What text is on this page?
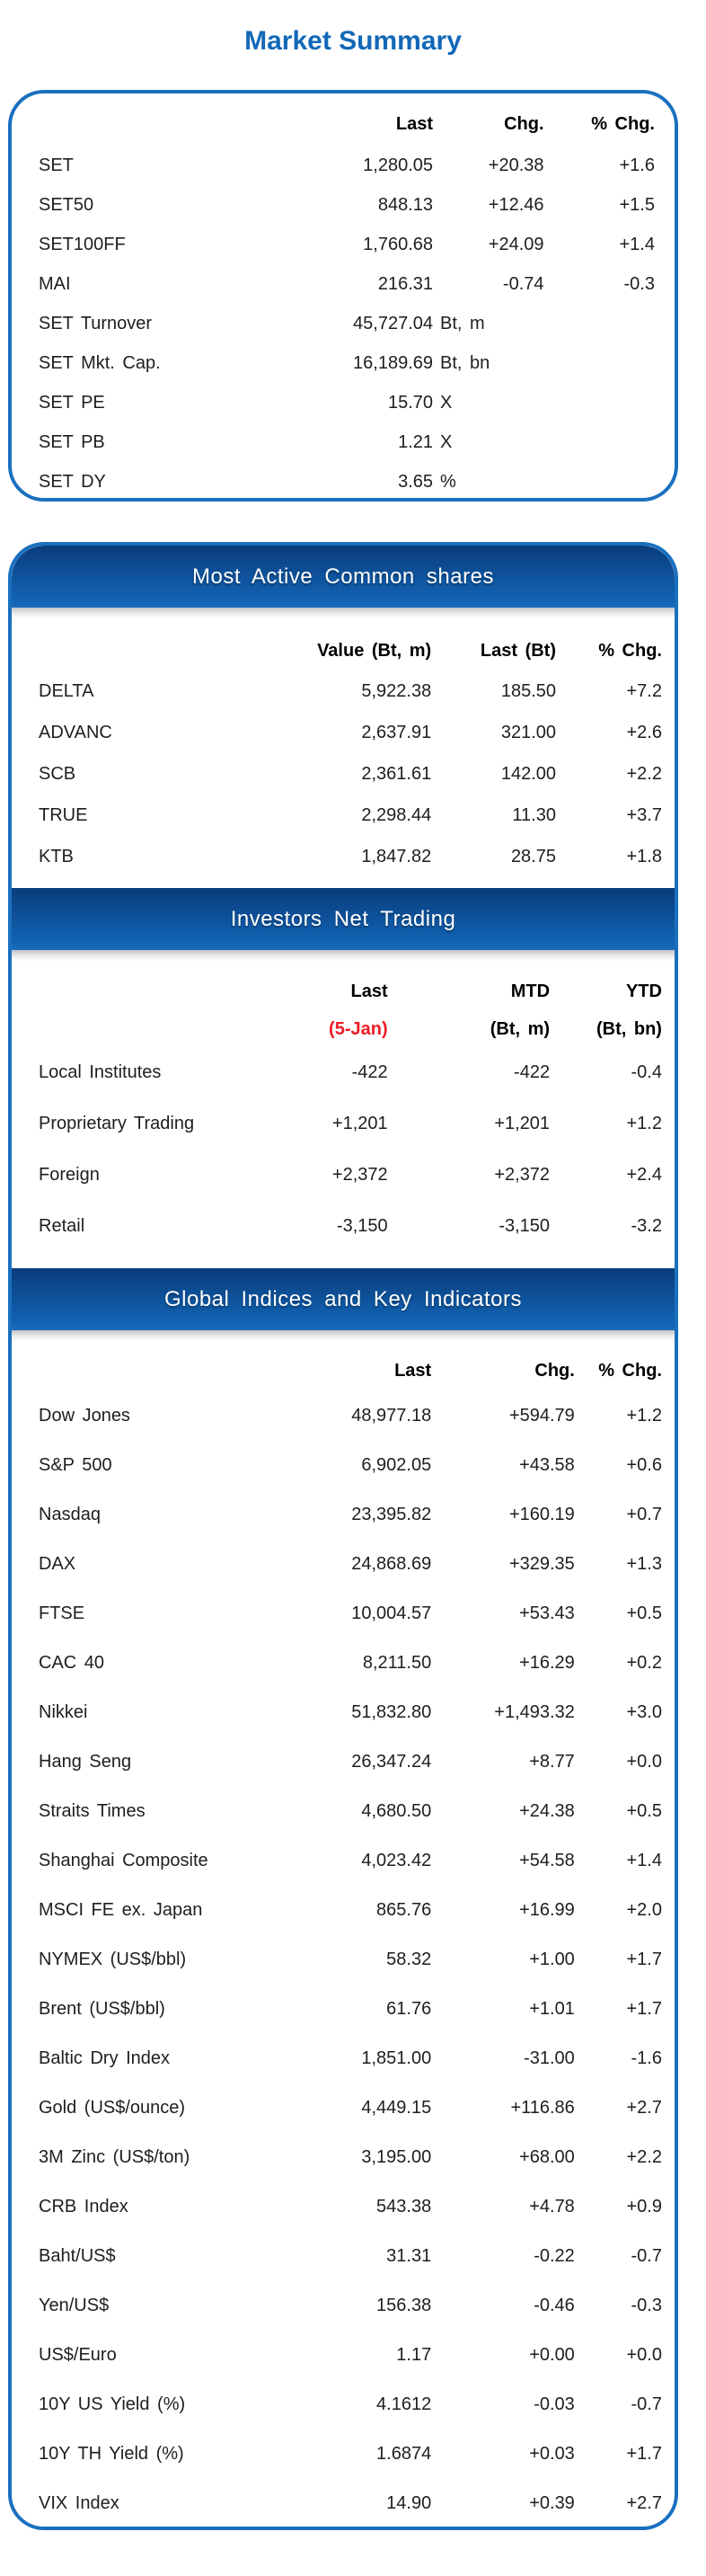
Market Summary
Last	Chg.	% Chg.
SET	1,280.05	+20.38	+1.6
SET50	848.13	+12.46	+1.5
SET100FF	1,760.68	+24.09	+1.4
MAI	216.31	-0.74	-0.3
SET Turnover	45,727.04 Bt, m
SET Mkt. Cap.	16,189.69 Bt, bn
SET PE	15.70 X
SET PB	1.21 X
SET DY	3.65 %
Most Active Common shares
Value (Bt, m)	Last (Bt)	% Chg.
DELTA	5,922.38	185.50	+7.2
ADVANC	2,637.91	321.00	+2.6
SCB	2,361.61	142.00	+2.2
TRUE	2,298.44	11.30	+3.7
KTB	1,847.82	28.75	+1.8
Investors Net Trading
Last	MTD	YTD
(5-Jan)	(Bt, m)	(Bt, bn)
Local Institutes	-422	-422	-0.4
Proprietary Trading	+1,201	+1,201	+1.2
Foreign	+2,372	+2,372	+2.4
Retail	-3,150	-3,150	-3.2
Global Indices and Key Indicators
Last	Chg.	% Chg.
Dow Jones	48,977.18	+594.79	+1.2
S&P 500	6,902.05	+43.58	+0.6
Nasdaq	23,395.82	+160.19	+0.7
DAX	24,868.69	+329.35	+1.3
FTSE	10,004.57	+53.43	+0.5
CAC 40	8,211.50	+16.29	+0.2
Nikkei	51,832.80	+1,493.32	+3.0
Hang Seng	26,347.24	+8.77	+0.0
Straits Times	4,680.50	+24.38	+0.5
Shanghai Composite	4,023.42	+54.58	+1.4
MSCI FE ex. Japan	865.76	+16.99	+2.0
NYMEX (US$/bbl)	58.32	+1.00	+1.7
Brent (US$/bbl)	61.76	+1.01	+1.7
Baltic Dry Index	1,851.00	-31.00	-1.6
Gold (US$/ounce)	4,449.15	+116.86	+2.7
3M Zinc (US$/ton)	3,195.00	+68.00	+2.2
CRB Index	543.38	+4.78	+0.9
Baht/US$	31.31	-0.22	-0.7
Yen/US$	156.38	-0.46	-0.3
US$/Euro	1.17	+0.00	+0.0
10Y US Yield (%)	4.1612	-0.03	-0.7
10Y TH Yield (%)	1.6874	+0.03	+1.7
VIX Index	14.90	+0.39	+2.7
